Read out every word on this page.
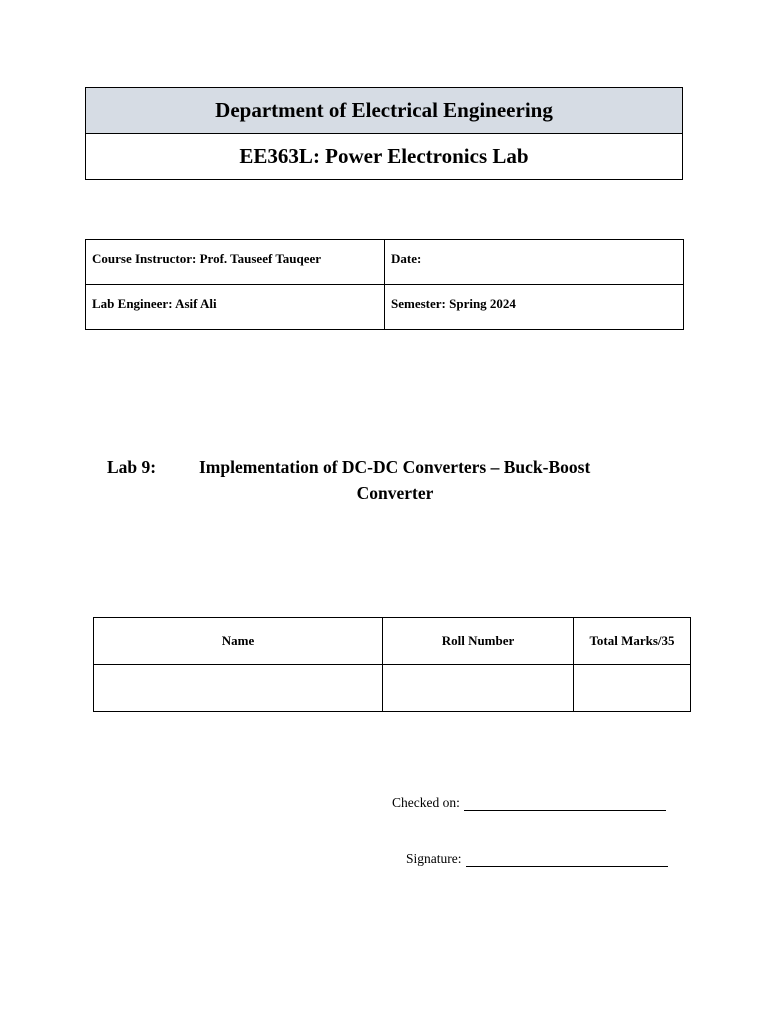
Department of Electrical Engineering
EE363L: Power Electronics Lab
Course Instructor: Prof. Tauseef Tauqeer	Date:
Lab Engineer: Asif Ali	Semester: Spring 2024
Lab 9:	Implementation of DC-DC Converters – Buck-Boost
Converter
Name	Roll Number	Total Marks/35

Checked on:
Signature:
